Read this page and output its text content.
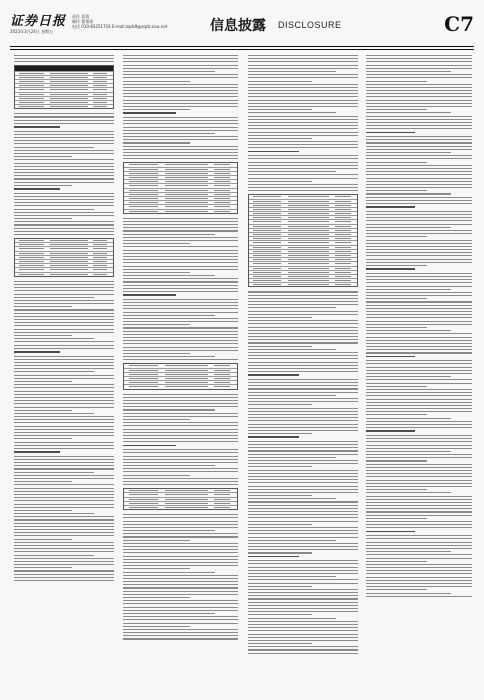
证券日报
2023年3月24日 星期五
责任 姜倩
制作 曹秉琛
电话 010-83251716 E-mail:zqrb9@zqrb.sina.net	信息披露 DISCLOSURE	C7
